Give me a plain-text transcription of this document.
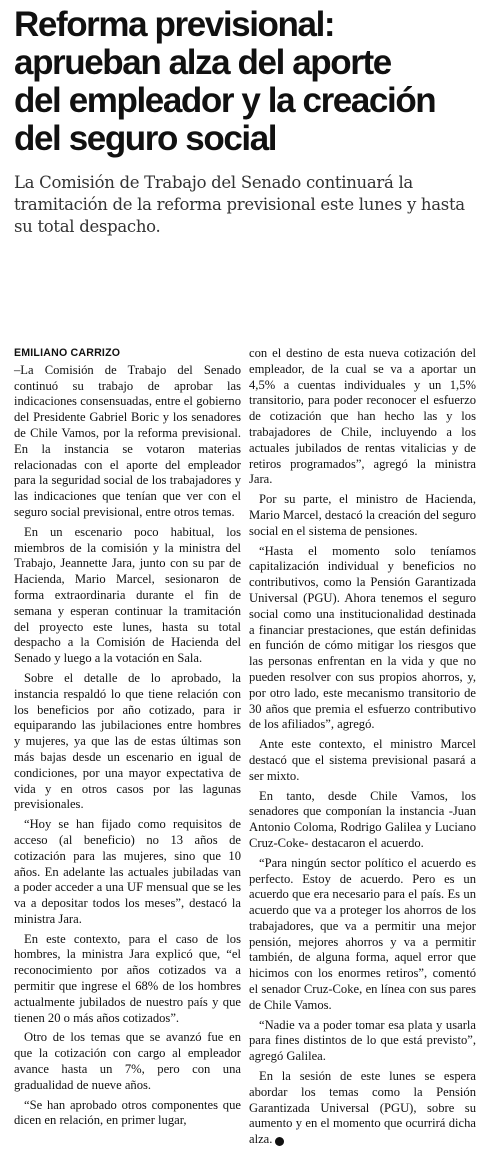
Reforma previsional:
aprueban alza del aporte
del empleador y la creación
del seguro social
La Comisión de Trabajo del Senado continuará la
tramitación de la reforma previsional este lunes y hasta
su total despacho.
EMILIANO CARRIZO

–La Comisión de Trabajo del Senado continuó su trabajo de aprobar las indicaciones consensuadas, entre el gobierno del Presidente Gabriel Boric y los senadores de Chile Vamos, por la reforma previsional. En la instancia se votaron materias relacionadas con el aporte del empleador para la seguridad social de los trabajadores y las indicaciones que tenían que ver con el seguro social previsional, entre otros temas.

En un escenario poco habitual, los miembros de la comisión y la ministra del Trabajo, Jeannette Jara, junto con su par de Hacienda, Mario Marcel, sesionaron de forma extraordinaria durante el fin de semana y esperan continuar la tramitación del proyecto este lunes, hasta su total despacho a la Comisión de Hacienda del Senado y luego a la votación en Sala.

Sobre el detalle de lo aprobado, la instancia respaldó lo que tiene relación con los beneficios por año cotizado, para ir equiparando las jubilaciones entre hombres y mujeres, ya que las de estas últimas son más bajas desde un escenario en igual de condiciones, por una mayor expectativa de vida y en otros casos por las lagunas previsionales.

“Hoy se han fijado como requisitos de acceso (al beneficio) no 13 años de cotización para las mujeres, sino que 10 años. En adelante las actuales jubiladas van a poder acceder a una UF mensual que se les va a depositar todos los meses”, destacó la ministra Jara.

En este contexto, para el caso de los hombres, la ministra Jara explicó que, “el reconocimiento por años cotizados va a permitir que ingrese el 68% de los hombres actualmente jubilados de nuestro país y que tienen 20 o más años cotizados”.

Otro de los temas que se avanzó fue en que la cotización con cargo al empleador avance hasta un 7%, pero con una gradualidad de nueve años.

“Se han aprobado otros componentes que dicen en relación, en primer lugar,

con el destino de esta nueva cotización del empleador, de la cual se va a aportar un 4,5% a cuentas individuales y un 1,5% transitorio, para poder reconocer el esfuerzo de cotización que han hecho las y los trabajadores de Chile, incluyendo a los actuales jubilados de rentas vitalicias y de retiros programados”, agregó la ministra Jara.

Por su parte, el ministro de Hacienda, Mario Marcel, destacó la creación del seguro social en el sistema de pensiones.

“Hasta el momento solo teníamos capitalización individual y beneficios no contributivos, como la Pensión Garantizada Universal (PGU). Ahora tenemos el seguro social como una institucionalidad destinada a financiar prestaciones, que están definidas en función de cómo mitigar los riesgos que las personas enfrentan en la vida y que no pueden resolver con sus propios ahorros, y, por otro lado, este mecanismo transitorio de 30 años que premia el esfuerzo contributivo de los afiliados”, agregó.

Ante este contexto, el ministro Marcel destacó que el sistema previsional pasará a ser mixto.

En tanto, desde Chile Vamos, los senadores que componían la instancia -Juan Antonio Coloma, Rodrigo Galilea y Luciano Cruz-Coke- destacaron el acuerdo.

“Para ningún sector político el acuerdo es perfecto. Estoy de acuerdo. Pero es un acuerdo que era necesario para el país. Es un acuerdo que va a proteger los ahorros de los trabajadores, que va a permitir una mejor pensión, mejores ahorros y va a permitir también, de alguna forma, aquel error que hicimos con los enormes retiros”, comentó el senador Cruz-Coke, en línea con sus pares de Chile Vamos.

“Nadie va a poder tomar esa plata y usarla para fines distintos de lo que está previsto”, agregó Galilea.

En la sesión de este lunes se espera abordar los temas como la Pensión Garantizada Universal (PGU), sobre su aumento y en el momento que ocurrirá dicha alza. P
